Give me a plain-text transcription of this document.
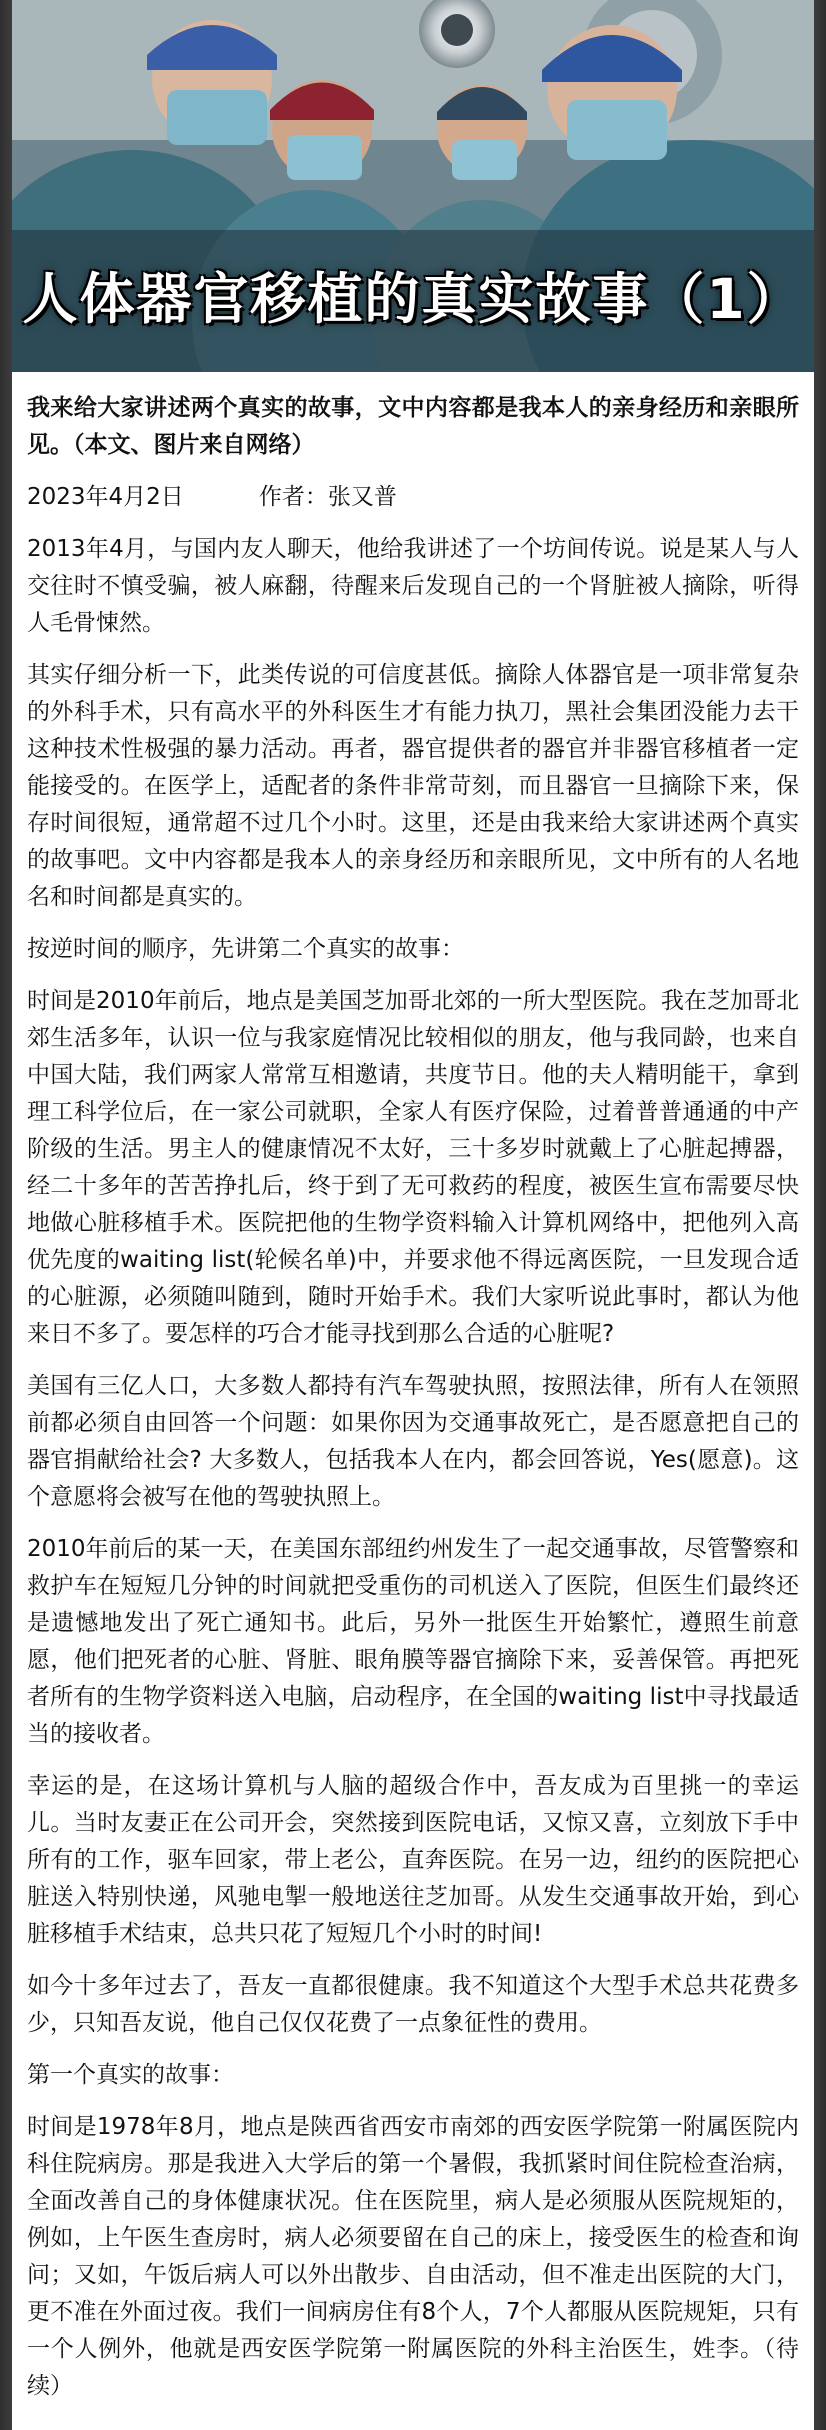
人体器官移植的真实故事（1）

我来给大家讲述两个真实的故事，文中内容都是我本人的亲身经历和亲眼所见。（本文、图片来自网络）

2023年4月2日	作者：张又普

2013年4月，与国内友人聊天，他给我讲述了一个坊间传说。说是某人与人交往时不慎受骗，被人麻翻，待醒来后发现自己的一个肾脏被人摘除，听得人毛骨悚然。

其实仔细分析一下，此类传说的可信度甚低。摘除人体器官是一项非常复杂的外科手术，只有高水平的外科医生才有能力执刀，黑社会集团没能力去干这种技术性极强的暴力活动。再者，器官提供者的器官并非器官移植者一定能接受的。在医学上，适配者的条件非常苛刻，而且器官一旦摘除下来，保存时间很短，通常超不过几个小时。这里，还是由我来给大家讲述两个真实的故事吧。文中内容都是我本人的亲身经历和亲眼所见，文中所有的人名地名和时间都是真实的。

按逆时间的顺序，先讲第二个真实的故事：

时间是2010年前后，地点是美国芝加哥北郊的一所大型医院。我在芝加哥北郊生活多年，认识一位与我家庭情况比较相似的朋友，他与我同龄，也来自中国大陆，我们两家人常常互相邀请，共度节日。他的夫人精明能干，拿到理工科学位后，在一家公司就职，全家人有医疗保险，过着普普通通的中产阶级的生活。男主人的健康情况不太好，三十多岁时就戴上了心脏起搏器，经二十多年的苦苦挣扎后，终于到了无可救药的程度，被医生宣布需要尽快地做心脏移植手术。医院把他的生物学资料输入计算机网络中，把他列入高优先度的waiting list(轮候名单)中，并要求他不得远离医院，一旦发现合适的心脏源，必须随叫随到，随时开始手术。我们大家听说此事时，都认为他来日不多了。要怎样的巧合才能寻找到那么合适的心脏呢?

美国有三亿人口，大多数人都持有汽车驾驶执照，按照法律，所有人在领照前都必须自由回答一个问题：如果你因为交通事故死亡，是否愿意把自己的器官捐献给社会? 大多数人，包括我本人在内，都会回答说，Yes(愿意)。这个意愿将会被写在他的驾驶执照上。

2010年前后的某一天，在美国东部纽约州发生了一起交通事故，尽管警察和救护车在短短几分钟的时间就把受重伤的司机送入了医院，但医生们最终还是遗憾地发出了死亡通知书。此后，另外一批医生开始繁忙，遵照生前意愿，他们把死者的心脏、肾脏、眼角膜等器官摘除下来，妥善保管。再把死者所有的生物学资料送入电脑，启动程序，在全国的waiting list中寻找最适当的接收者。

幸运的是，在这场计算机与人脑的超级合作中，吾友成为百里挑一的幸运儿。当时友妻正在公司开会，突然接到医院电话，又惊又喜，立刻放下手中所有的工作，驱车回家，带上老公，直奔医院。在另一边，纽约的医院把心脏送入特别快递，风驰电掣一般地送往芝加哥。从发生交通事故开始，到心脏移植手术结束，总共只花了短短几个小时的时间!

如今十多年过去了，吾友一直都很健康。我不知道这个大型手术总共花费多少，只知吾友说，他自己仅仅花费了一点象征性的费用。

第一个真实的故事：

时间是1978年8月，地点是陕西省西安市南郊的西安医学院第一附属医院内科住院病房。那是我进入大学后的第一个暑假，我抓紧时间住院检查治病，全面改善自己的身体健康状况。住在医院里，病人是必须服从医院规矩的，例如，上午医生查房时，病人必须要留在自己的床上，接受医生的检查和询问；又如，午饭后病人可以外出散步、自由活动，但不准走出医院的大门，更不准在外面过夜。我们一间病房住有8个人，7个人都服从医院规矩，只有一个人例外，他就是西安医学院第一附属医院的外科主治医生，姓李。（待续）
